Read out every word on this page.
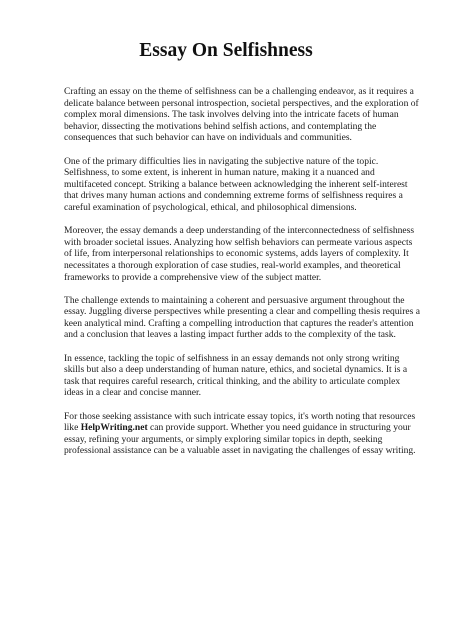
Essay On Selfishness

Crafting an essay on the theme of selfishness can be a challenging endeavor, as it requires a delicate balance between personal introspection, societal perspectives, and the exploration of complex moral dimensions. The task involves delving into the intricate facets of human behavior, dissecting the motivations behind selfish actions, and contemplating the consequences that such behavior can have on individuals and communities.

One of the primary difficulties lies in navigating the subjective nature of the topic. Selfishness, to some extent, is inherent in human nature, making it a nuanced and multifaceted concept. Striking a balance between acknowledging the inherent self-interest that drives many human actions and condemning extreme forms of selfishness requires a careful examination of psychological, ethical, and philosophical dimensions.

Moreover, the essay demands a deep understanding of the interconnectedness of selfishness with broader societal issues. Analyzing how selfish behaviors can permeate various aspects of life, from interpersonal relationships to economic systems, adds layers of complexity. It necessitates a thorough exploration of case studies, real-world examples, and theoretical frameworks to provide a comprehensive view of the subject matter.

The challenge extends to maintaining a coherent and persuasive argument throughout the essay. Juggling diverse perspectives while presenting a clear and compelling thesis requires a keen analytical mind. Crafting a compelling introduction that captures the reader's attention and a conclusion that leaves a lasting impact further adds to the complexity of the task.

In essence, tackling the topic of selfishness in an essay demands not only strong writing skills but also a deep understanding of human nature, ethics, and societal dynamics. It is a task that requires careful research, critical thinking, and the ability to articulate complex ideas in a clear and concise manner.

For those seeking assistance with such intricate essay topics, it's worth noting that resources like HelpWriting.net can provide support. Whether you need guidance in structuring your essay, refining your arguments, or simply exploring similar topics in depth, seeking professional assistance can be a valuable asset in navigating the challenges of essay writing.
